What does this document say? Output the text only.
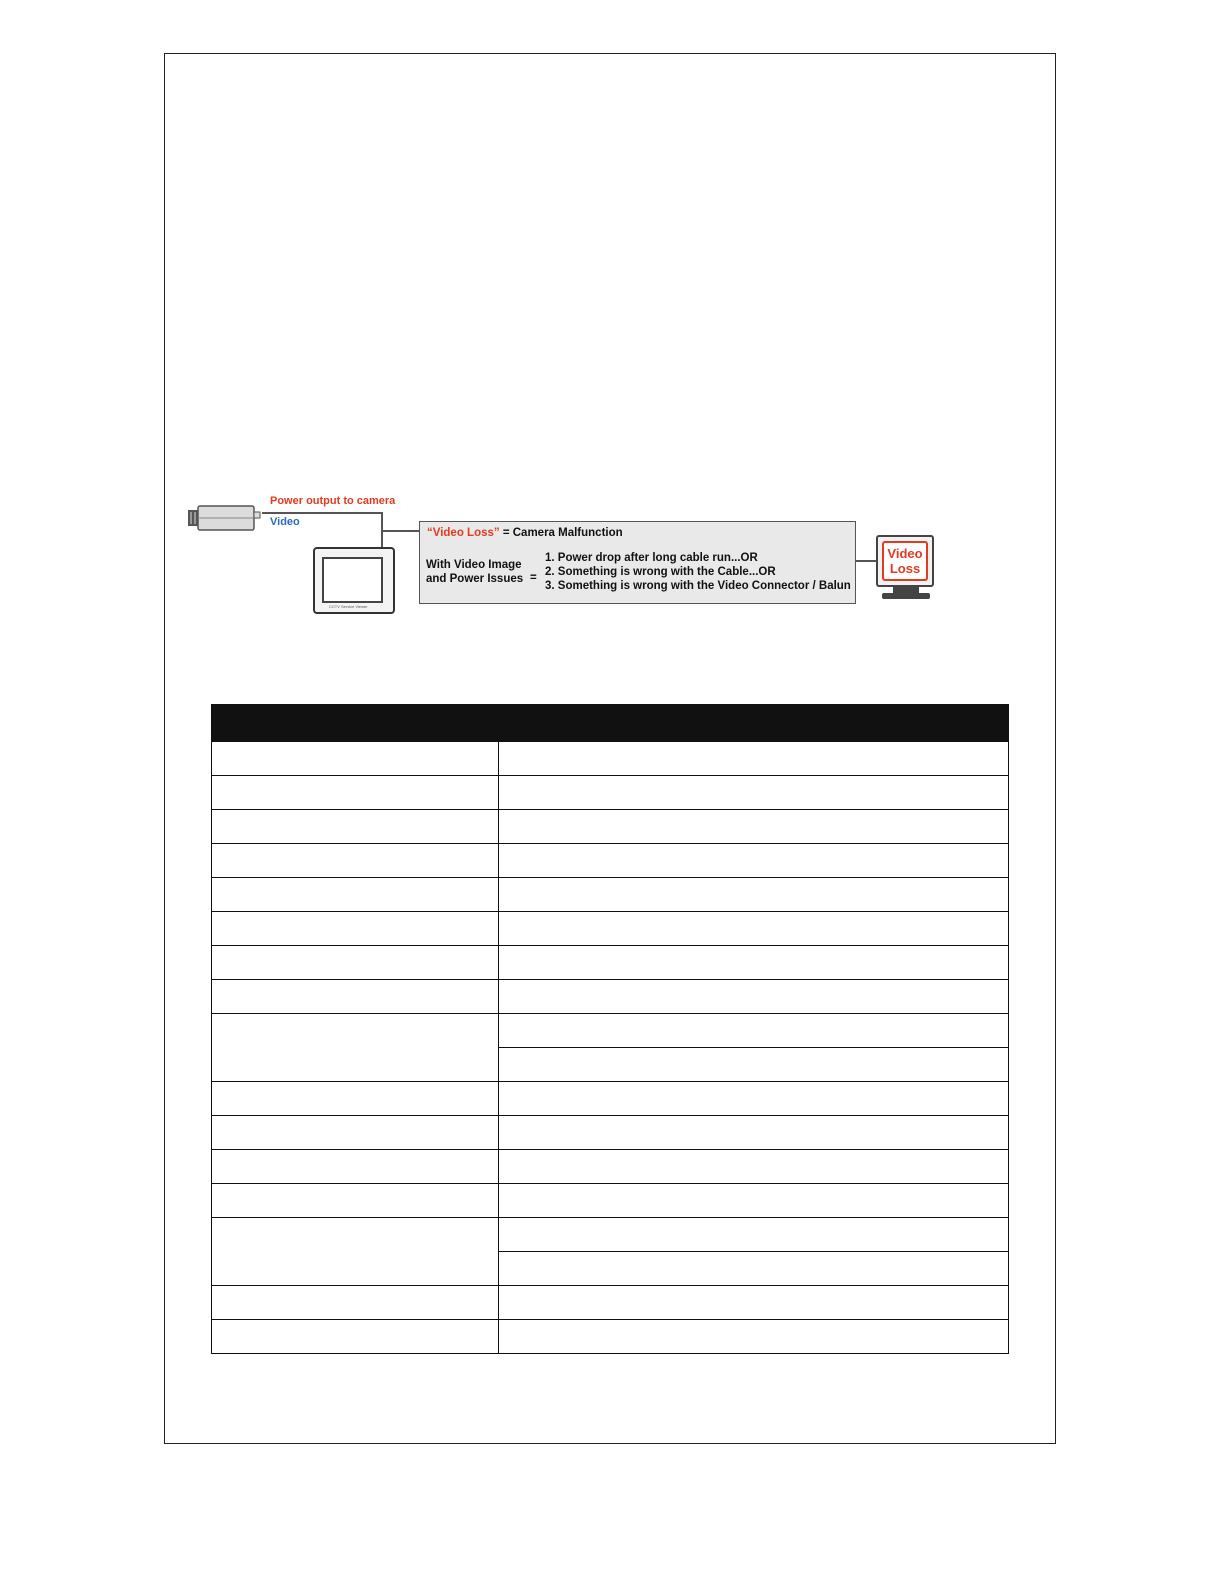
Power output to camera
Video
CCTV Service Viewer
“Video Loss” = Camera Malfunction
With Video Image
and Power Issues =
1. Power drop after long cable run...OR
2. Something is wrong with the Cable...OR
3. Something is wrong with the Video Connector / Balun
Video
Loss
